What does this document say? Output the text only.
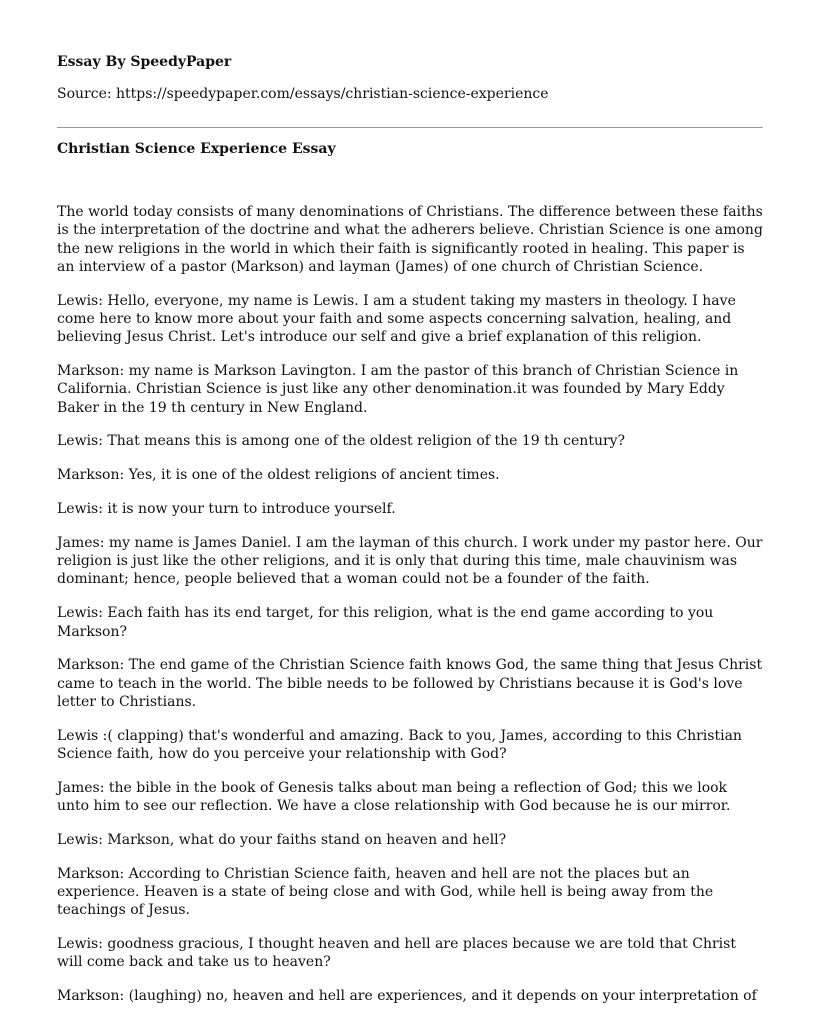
Essay By SpeedyPaper
Source: https://speedypaper.com/essays/christian-science-experience
Christian Science Experience Essay

The world today consists of many denominations of Christians. The difference between these faiths is the interpretation of the doctrine and what the adherers believe. Christian Science is one among the new religions in the world in which their faith is significantly rooted in healing. This paper is an interview of a pastor (Markson) and layman (James) of one church of Christian Science.

Lewis: Hello, everyone, my name is Lewis. I am a student taking my masters in theology. I have come here to know more about your faith and some aspects concerning salvation, healing, and believing Jesus Christ. Let's introduce our self and give a brief explanation of this religion.

Markson: my name is Markson Lavington. I am the pastor of this branch of Christian Science in California. Christian Science is just like any other denomination.it was founded by Mary Eddy Baker in the 19 th century in New England.

Lewis: That means this is among one of the oldest religion of the 19 th century?

Markson: Yes, it is one of the oldest religions of ancient times.

Lewis: it is now your turn to introduce yourself.

James: my name is James Daniel. I am the layman of this church. I work under my pastor here. Our religion is just like the other religions, and it is only that during this time, male chauvinism was dominant; hence, people believed that a woman could not be a founder of the faith.

Lewis: Each faith has its end target, for this religion, what is the end game according to you Markson?

Markson: The end game of the Christian Science faith knows God, the same thing that Jesus Christ came to teach in the world. The bible needs to be followed by Christians because it is God's love letter to Christians.

Lewis :( clapping) that's wonderful and amazing. Back to you, James, according to this Christian Science faith, how do you perceive your relationship with God?

James: the bible in the book of Genesis talks about man being a reflection of God; this we look unto him to see our reflection. We have a close relationship with God because he is our mirror.

Lewis: Markson, what do your faiths stand on heaven and hell?

Markson: According to Christian Science faith, heaven and hell are not the places but an experience. Heaven is a state of being close and with God, while hell is being away from the teachings of Jesus.

Lewis: goodness gracious, I thought heaven and hell are places because we are told that Christ will come back and take us to heaven?

Markson: (laughing) no, heaven and hell are experiences, and it depends on your interpretation of
